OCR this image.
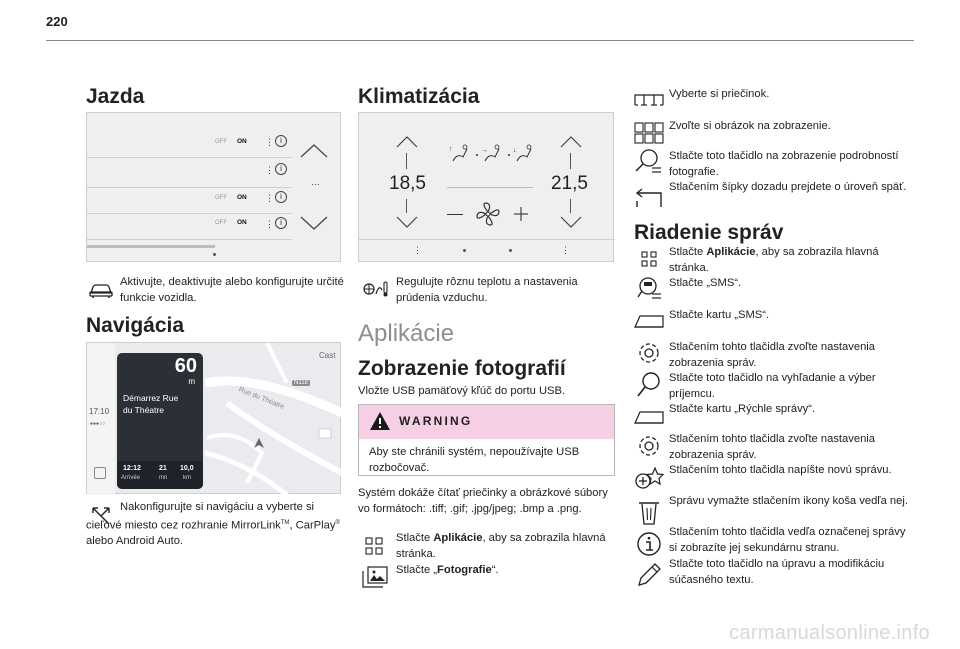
220
Jazda
OFF ON ⋮ i
⋮ i
OFF ON ⋮ i
OFF ON ⋮ i
…
Aktivujte, deaktivujte alebo konfigurujte určité funkcie vozidla.
Navigácia
Cast
Rue du Théatre
N118
17:10
●●●○○
60
m
Démarrez Rue
du Théatre
12:12
Arrivée
21
mn
10,0
km
Nakonfigurujte si navigáciu a vyberte si cieľové miesto cez rozhranie MirrorLink™, CarPlay® alebo Android Auto.
Klimatizácia
18,5	21,5
↑	→	↓
⋮	⋮
Regulujte rôznu teplotu a nastavenia prúdenia vzduchu.
Aplikácie
Zobrazenie fotografií
Vložte USB pamäťový kľúč do portu USB.
WARNING
Aby ste chránili systém, nepoužívajte USB rozbočovač.
Systém dokáže čítať priečinky a obrázkové súbory vo formátoch: .tiff; .gif; .jpg/jpeg; .bmp a .png.
Stlačte Aplikácie, aby sa zobrazila hlavná stránka.
Stlačte „Fotografie“.
Vyberte si priečinok.
Zvoľte si obrázok na zobrazenie.
Stlačte toto tlačidlo na zobrazenie podrobností fotografie.
Stlačením šípky dozadu prejdete o úroveň späť.
Riadenie správ
Stlačte Aplikácie, aby sa zobrazila hlavná stránka.
Stlačte „SMS“.
Stlačte kartu „SMS“.
Stlačením tohto tlačidla zvoľte nastavenia zobrazenia správ.
Stlačte toto tlačidlo na vyhľadanie a výber príjemcu.
Stlačte kartu „Rýchle správy“.
Stlačením tohto tlačidla zvoľte nastavenia zobrazenia správ.
Stlačením tohto tlačidla napíšte novú správu.
Správu vymažte stlačením ikony koša vedľa nej.
Stlačením tohto tlačidla vedľa označenej správy si zobrazíte jej sekundárnu stranu.
Stlačte toto tlačidlo na úpravu a modifikáciu súčasného textu.
carmanualsonline.info
